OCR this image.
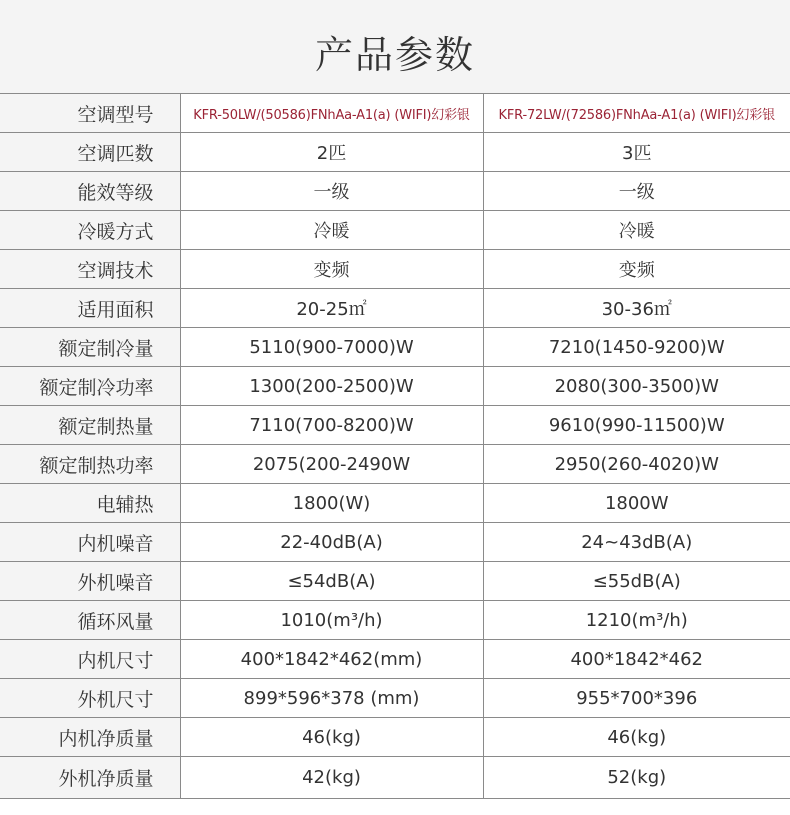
产品参数
空调型号	KFR-50LW/(50586)FNhAa-A1(a) (WIFI)幻彩银	KFR-72LW/(72586)FNhAa-A1(a) (WIFI)幻彩银
空调匹数	2匹	3匹
能效等级	一级	一级
冷暖方式	冷暖	冷暖
空调技术	变频	变频
适用面积	20-25㎡	30-36㎡
额定制冷量	5110(900-7000)W	7210(1450-9200)W
额定制冷功率	1300(200-2500)W	2080(300-3500)W
额定制热量	7110(700-8200)W	9610(990-11500)W
额定制热功率	2075(200-2490W	2950(260-4020)W
电辅热	1800(W)	1800W
内机噪音	22-40dB(A)	24~43dB(A)
外机噪音	≤54dB(A)	≤55dB(A)
循环风量	1010(m³/h)	1210(m³/h)
内机尺寸	400*1842*462(mm)	400*1842*462
外机尺寸	899*596*378 (mm)	955*700*396
内机净质量	46(kg)	46(kg)
外机净质量	42(kg)	52(kg)
